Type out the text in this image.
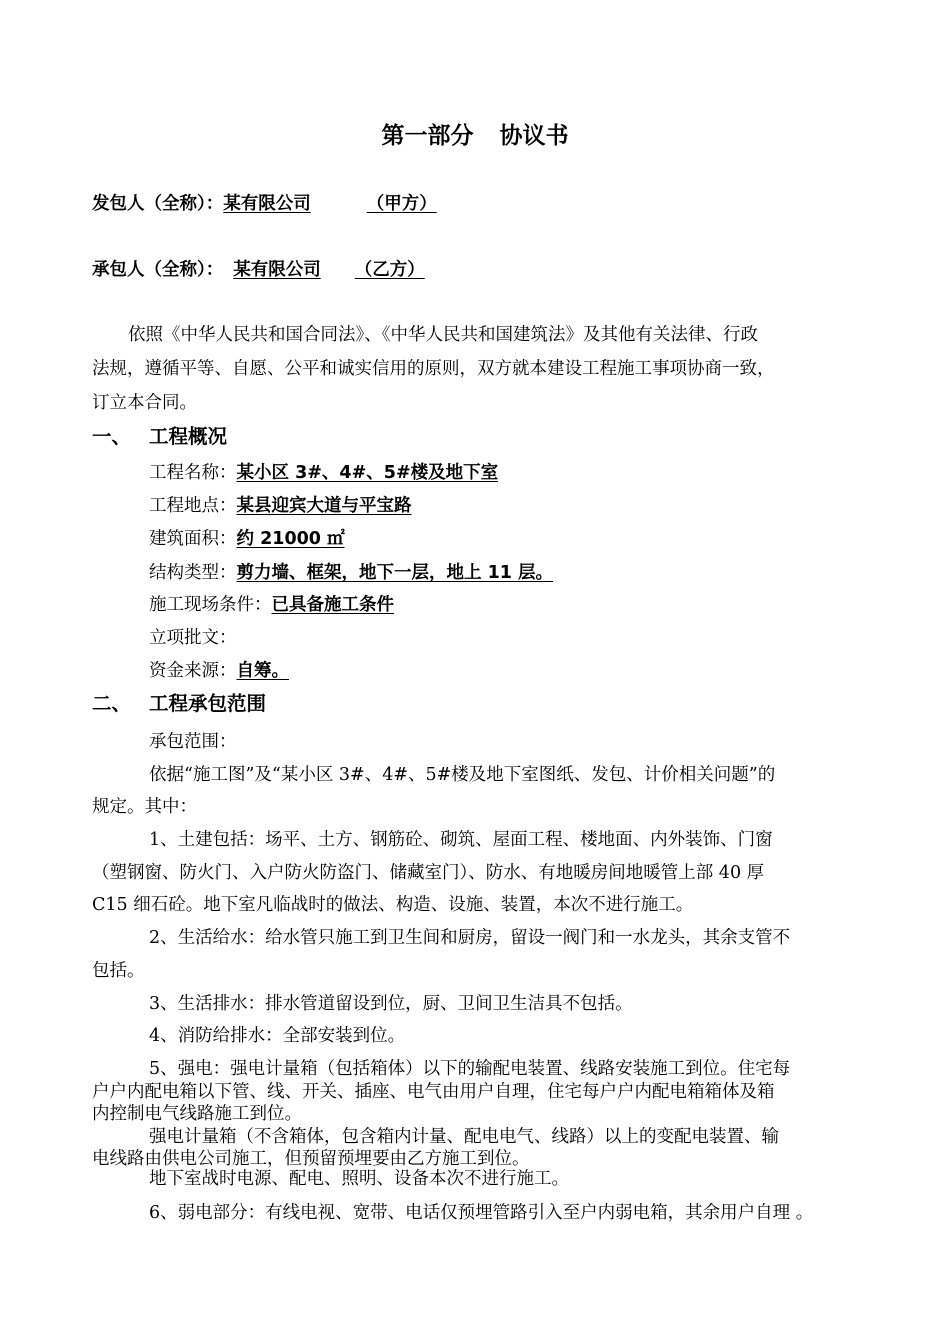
第一部分 协议书
发包人（全称）：某有限公司	（甲方）
承包人（全称）： 某有限公司 （乙方）
依照《中华人民共和国合同法》、《中华人民共和国建筑法》及其他有关法律、行政
法规，遵循平等、自愿、公平和诚实信用的原则，双方就本建设工程施工事项协商一致，
订立本合同。
一、 工程概况
工程名称：某小区 3#、4#、5#楼及地下室
工程地点：某县迎宾大道与平宝路
建筑面积：约 21000 ㎡
结构类型：剪力墙、框架，地下一层，地上 11 层。
施工现场条件：已具备施工条件
立项批文：
资金来源：自筹。
二、 工程承包范围
承包范围：
依据“施工图”及“某小区 3#、4#、5#楼及地下室图纸、发包、计价相关问题”的
规定。其中：
1、土建包括：场平、土方、钢筋砼、砌筑、屋面工程、楼地面、内外装饰、门窗
（塑钢窗、防火门、入户防火防盗门、储藏室门）、防水、有地暖房间地暖管上部 40 厚
C15 细石砼。地下室凡临战时的做法、构造、设施、装置，本次不进行施工。
2、生活给水：给水管只施工到卫生间和厨房，留设一阀门和一水龙头，其余支管不
包括。
3、生活排水：排水管道留设到位，厨、卫间卫生洁具不包括。
4、消防给排水：全部安装到位。
5、强电：强电计量箱（包括箱体）以下的输配电装置、线路安装施工到位。住宅每
户户内配电箱以下管、线、开关、插座、电气由用户自理，住宅每户户内配电箱箱体及箱
内控制电气线路施工到位。
强电计量箱（不含箱体，包含箱内计量、配电电气、线路）以上的变配电装置、输
电线路由供电公司施工，但预留预埋要由乙方施工到位。
地下室战时电源、配电、照明、设备本次不进行施工。
6、弱电部分：有线电视、宽带、电话仅预埋管路引入至户内弱电箱，其余用户自理 。
